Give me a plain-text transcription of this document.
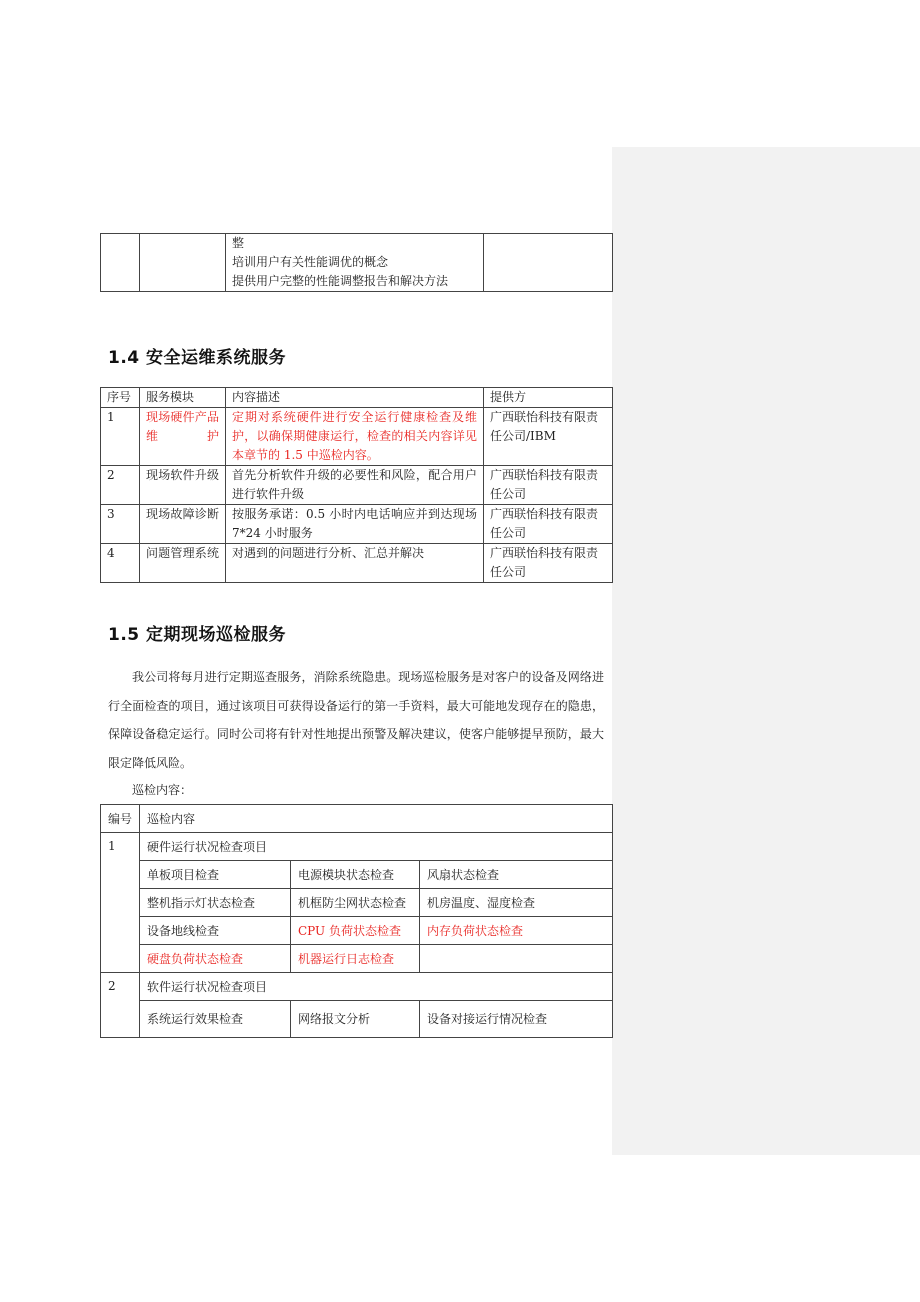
整
培训用户有关性能调优的概念
提供用户完整的性能调整报告和解决方法

1.4 安全运维系统服务
序号	服务模块	内容描述	提供方
1	现场硬件产品维护	定期对系统硬件进行安全运行健康检查及维护，以确保期健康运行，检查的相关内容详见本章节的 1.5 中巡检内容。	广西联怡科技有限责任公司/IBM
2	现场软件升级	首先分析软件升级的必要性和风险，配合用户进行软件升级	广西联怡科技有限责任公司
3	现场故障诊断	按服务承诺：0.5 小时内电话响应并到达现场 7*24 小时服务	广西联怡科技有限责任公司
4	问题管理系统	对遇到的问题进行分析、汇总并解决	广西联怡科技有限责任公司
1.5 定期现场巡检服务

我公司将每月进行定期巡查服务，消除系统隐患。现场巡检服务是对客户的设备及网络进行全面检查的项目，通过该项目可获得设备运行的第一手资料，最大可能地发现存在的隐患，保障设备稳定运行。同时公司将有针对性地提出预警及解决建议，使客户能够提早预防，最大限定降低风险。

巡检内容：

编号	巡检内容		
1	硬件运行状况检查项目		
	单板项目检查	电源模块状态检查	风扇状态检查
	整机指示灯状态检查	机框防尘网状态检查	机房温度、湿度检查
	设备地线检查	CPU 负荷状态检查	内存负荷状态检查
	硬盘负荷状态检查	机器运行日志检查	
2	软件运行状况检查项目		
	系统运行效果检查	网络报文分析	设备对接运行情况检查
